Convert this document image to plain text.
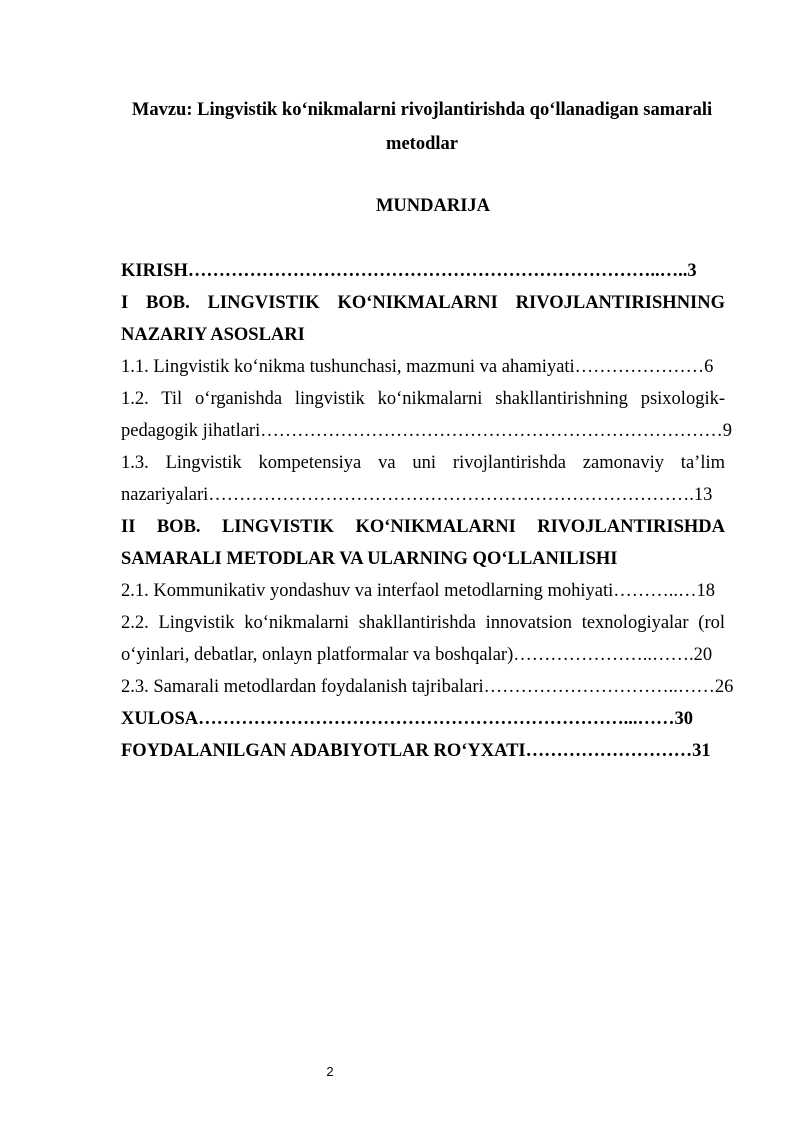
Mavzu: Lingvistik ko‘nikmalarni rivojlantirishda qo‘llanadigan samarali
metodlar
MUNDARIJA
KIRISH…………………………………………………………………..…..3
I BOB. LINGVISTIK KO‘NIKMALARNI RIVOJLANTIRISHNING
NAZARIY ASOSLARI
1.1. Lingvistik ko‘nikma tushunchasi, mazmuni va ahamiyati…………………6
1.2. Til o‘rganishda lingvistik ko‘nikmalarni shakllantirishning psixologik-
pedagogik jihatlari…………………………………………………………………9
1.3. Lingvistik kompetensiya va uni rivojlantirishda zamonaviy ta’lim
nazariyalari…………………………………………………………………….13
II BOB. LINGVISTIK KO‘NIKMALARNI RIVOJLANTIRISHDA
SAMARALI METODLAR VA ULARNING QO‘LLANILISHI
2.1. Kommunikativ yondashuv va interfaol metodlarning mohiyati………..…18
2.2. Lingvistik ko‘nikmalarni shakllantirishda innovatsion texnologiyalar (rol
o‘yinlari, debatlar, onlayn platformalar va boshqalar)…………………..…….20
2.3. Samarali metodlardan foydalanish tajribalari…………………………..……26
XULOSA……………………………………………………………...……30
FOYDALANILGAN ADABIYOTLAR RO‘YXATI………………………31
2
